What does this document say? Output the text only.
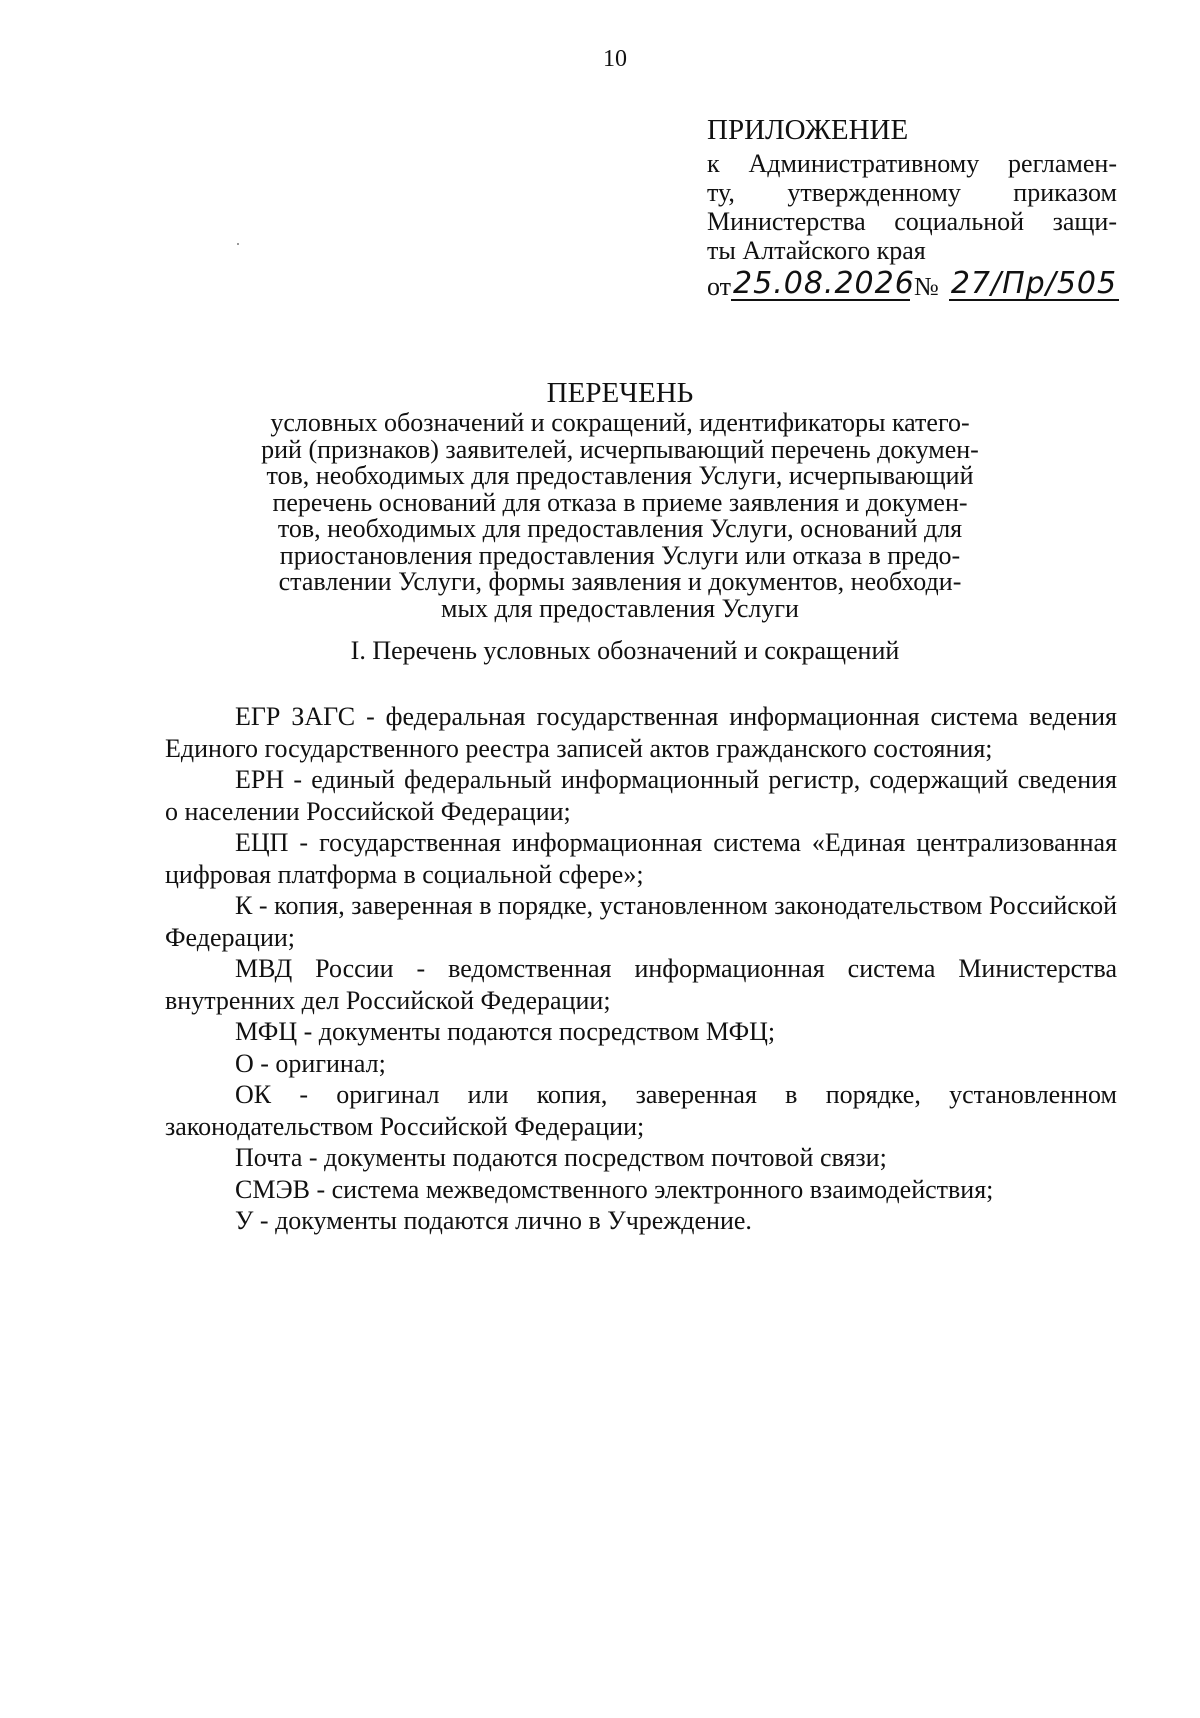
10
ПРИЛОЖЕНИЕ
к Административному регламен-
ту, утвержденному приказом
Министерства социальной защи-
ты Алтайского края
от 25.08.2026 № 27/Пр/505
ПЕРЕЧЕНЬ
условных обозначений и сокращений, идентификаторы катего-
рий (признаков) заявителей, исчерпывающий перечень докумен-
тов, необходимых для предоставления Услуги, исчерпывающий
перечень оснований для отказа в приеме заявления и докумен-
тов, необходимых для предоставления Услуги, оснований для
приостановления предоставления Услуги или отказа в предо-
ставлении Услуги, формы заявления и документов, необходи-
мых для предоставления Услуги
I. Перечень условных обозначений и сокращений

ЕГР ЗАГС - федеральная государственная информационная система ведения Единого государственного реестра записей актов гражданского состояния;

ЕРН - единый федеральный информационный регистр, содержащий сведения о населении Российской Федерации;

ЕЦП - государственная информационная система «Единая централизованная цифровая платформа в социальной сфере»;

К - копия, заверенная в порядке, установленном законодательством Российской Федерации;

МВД России - ведомственная информационная система Министерства внутренних дел Российской Федерации;

МФЦ - документы подаются посредством МФЦ;

О - оригинал;

ОК - оригинал или копия, заверенная в порядке, установленном законодательством Российской Федерации;

Почта - документы подаются посредством почтовой связи;

СМЭВ - система межведомственного электронного взаимодействия;

У - документы подаются лично в Учреждение.
